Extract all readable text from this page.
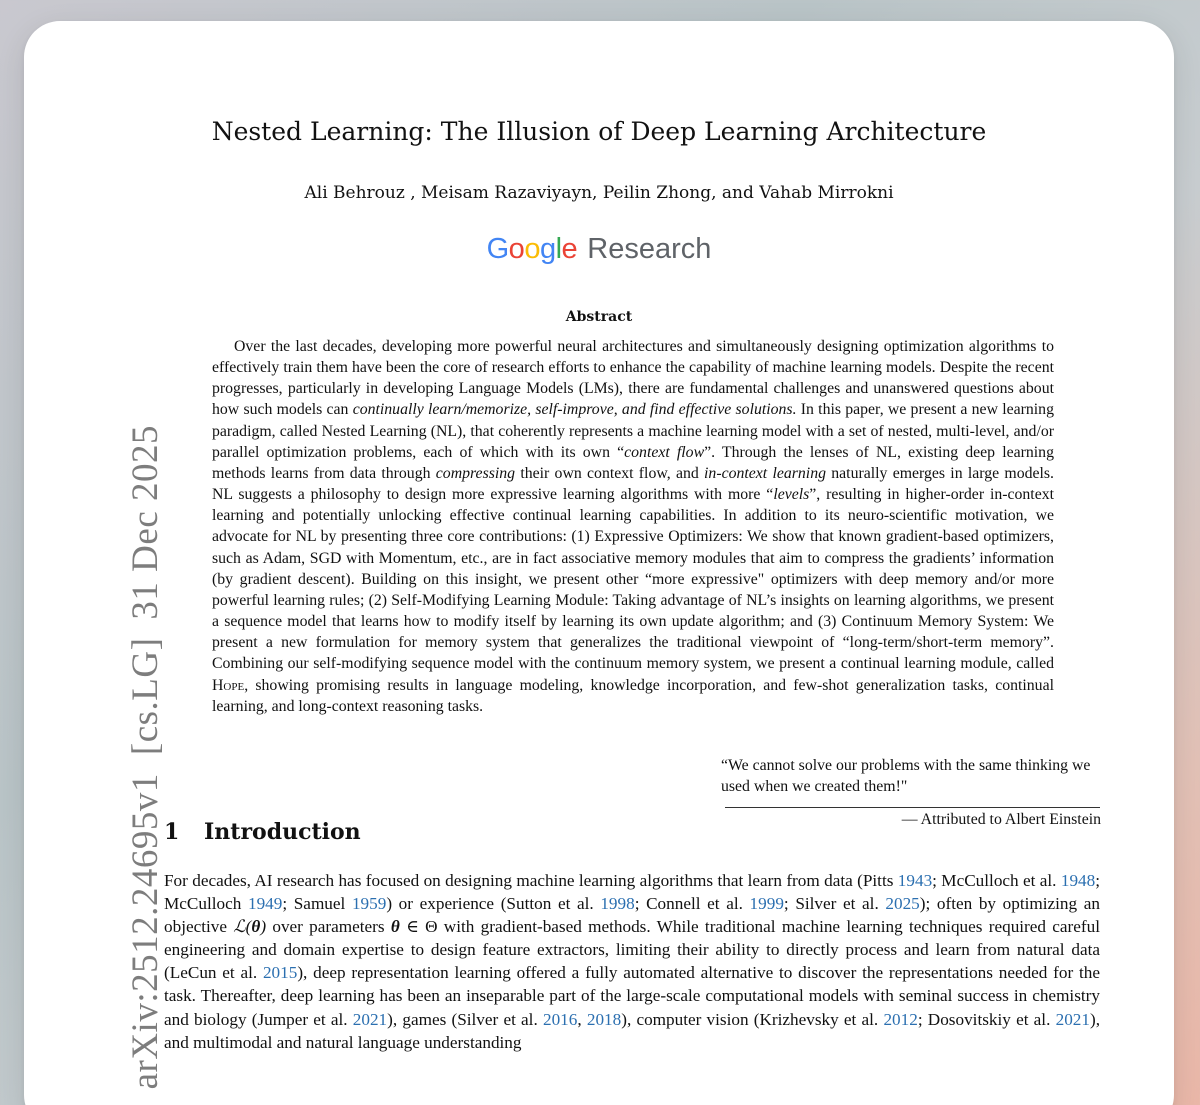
arXiv:2512.24695v1[cs.LG]31 Dec 2025
Nested Learning: The Illusion of Deep Learning Architecture
Ali Behrouz , Meisam Razaviyayn, Peilin Zhong, and Vahab Mirrokni
Google Research
Abstract

Over the last decades, developing more powerful neural architectures and simultaneously designing optimization algorithms to effectively train them have been the core of research efforts to enhance the capability of machine learning models. Despite the recent progresses, particularly in developing Language Models (LMs), there are fundamental challenges and unanswered questions about how such models can continually learn/memorize, self-improve, and find effective solutions. In this paper, we present a new learning paradigm, called Nested Learning (NL), that coherently represents a machine learning model with a set of nested, multi-level, and/or parallel optimization problems, each of which with its own “context flow”. Through the lenses of NL, existing deep learning methods learns from data through compressing their own context flow, and in-context learning naturally emerges in large models. NL suggests a philosophy to design more expressive learning algorithms with more “levels”, resulting in higher-order in-context learning and potentially unlocking effective continual learning capabilities. In addition to its neuro-scientific motivation, we advocate for NL by presenting three core contributions: (1) Expressive Optimizers: We show that known gradient-based optimizers, such as Adam, SGD with Momentum, etc., are in fact associative memory modules that aim to compress the gradients’ information (by gradient descent). Building on this insight, we present other “more expressive" optimizers with deep memory and/or more powerful learning rules; (2) Self-Modifying Learning Module: Taking advantage of NL’s insights on learning algorithms, we present a sequence model that learns how to modify itself by learning its own update algorithm; and (3) Continuum Memory System: We present a new formulation for memory system that generalizes the traditional viewpoint of “long-term/short-term memory”. Combining our self-modifying sequence model with the continuum memory system, we present a continual learning module, called Hope, showing promising results in language modeling, knowledge incorporation, and few-shot generalization tasks, continual learning, and long-context reasoning tasks.

“We cannot solve our problems with the same thinking we used when we created them!"
— Attributed to Albert Einstein
1 Introduction

For decades, AI research has focused on designing machine learning algorithms that learn from data (Pitts 1943; McCulloch et al. 1948; McCulloch 1949; Samuel 1959) or experience (Sutton et al. 1998; Connell et al. 1999; Silver et al. 2025); often by optimizing an objective ℒ(θ) over parameters θ ∈ Θ with gradient-based methods. While traditional machine learning techniques required careful engineering and domain expertise to design feature extractors, limiting their ability to directly process and learn from natural data (LeCun et al. 2015), deep representation learning offered a fully automated alternative to discover the representations needed for the task. Thereafter, deep learning has been an inseparable part of the large-scale computational models with seminal success in chemistry and biology (Jumper et al. 2021), games (Silver et al. 2016, 2018), computer vision (Krizhevsky et al. 2012; Dosovitskiy et al. 2021), and multimodal and natural language understanding
